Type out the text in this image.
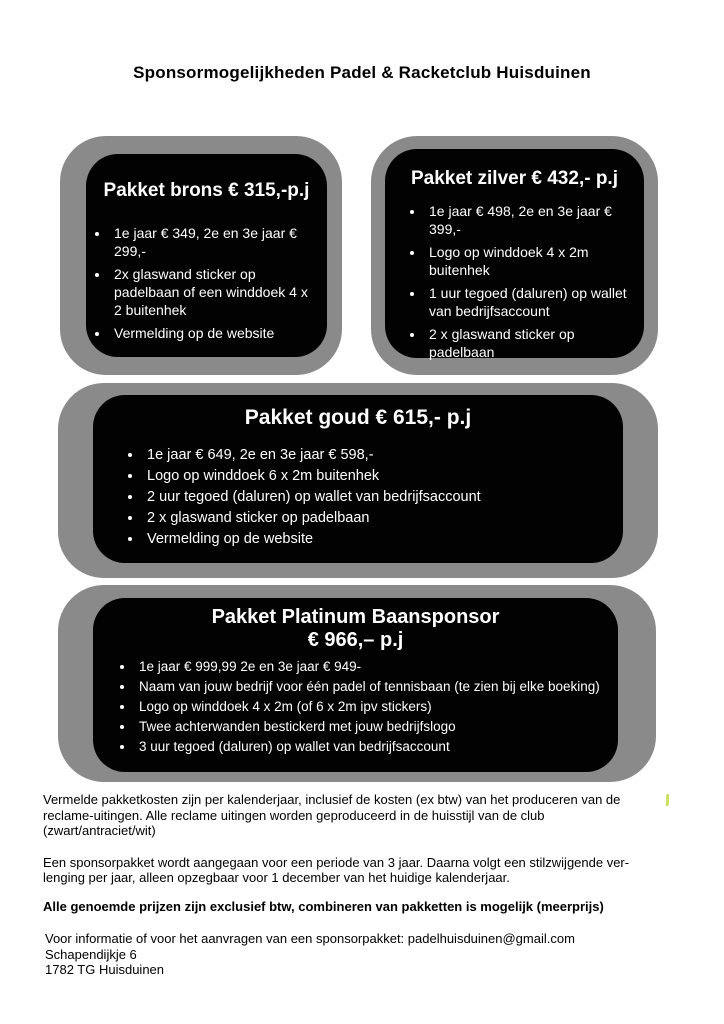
Sponsormogelijkheden Padel & Racketclub Huisduinen
Pakket brons € 315,-p.j
• 1e jaar € 349, 2e en 3e jaar € 299,-
• 2x glaswand sticker op padelbaan of een winddoek 4 x 2 buitenhek
• Vermelding op de website
Pakket zilver € 432,- p.j
• 1e jaar € 498, 2e en 3e jaar € 399,-
• Logo op winddoek 4 x 2m buitenhek
• 1 uur tegoed (daluren) op wallet van bedrijfsaccount
• 2 x glaswand sticker op padelbaan
Pakket goud € 615,- p.j
• 1e jaar € 649, 2e en 3e jaar € 598,-
• Logo op winddoek 6 x 2m buitenhek
• 2 uur tegoed (daluren) op wallet van bedrijfsaccount
• 2 x glaswand sticker op padelbaan
• Vermelding op de website
Pakket Platinum Baansponsor
€ 966,– p.j
• 1e jaar € 999,99 2e en 3e jaar € 949-
• Naam van jouw bedrijf voor één padel of tennisbaan (te zien bij elke boeking)
• Logo op winddoek 4 x 2m (of 6 x 2m ipv stickers)
• Twee achterwanden bestickerd met jouw bedrijfslogo
• 3 uur tegoed (daluren) op wallet van bedrijfsaccount

Vermelde pakketkosten zijn per kalenderjaar, inclusief de kosten (ex btw) van het produceren van de
reclame-uitingen. Alle reclame uitingen worden geproduceerd in de huisstijl van de club
(zwart/antraciet/wit)

Een sponsorpakket wordt aangegaan voor een periode van 3 jaar. Daarna volgt een stilzwijgende ver-
lenging per jaar, alleen opzegbaar voor 1 december van het huidige kalenderjaar.

Alle genoemde prijzen zijn exclusief btw, combineren van pakketten is mogelijk (meerprijs)

Voor informatie of voor het aanvragen van een sponsorpakket: padelhuisduinen@gmail.com
Schapendijkje 6
1782 TG Huisduinen
